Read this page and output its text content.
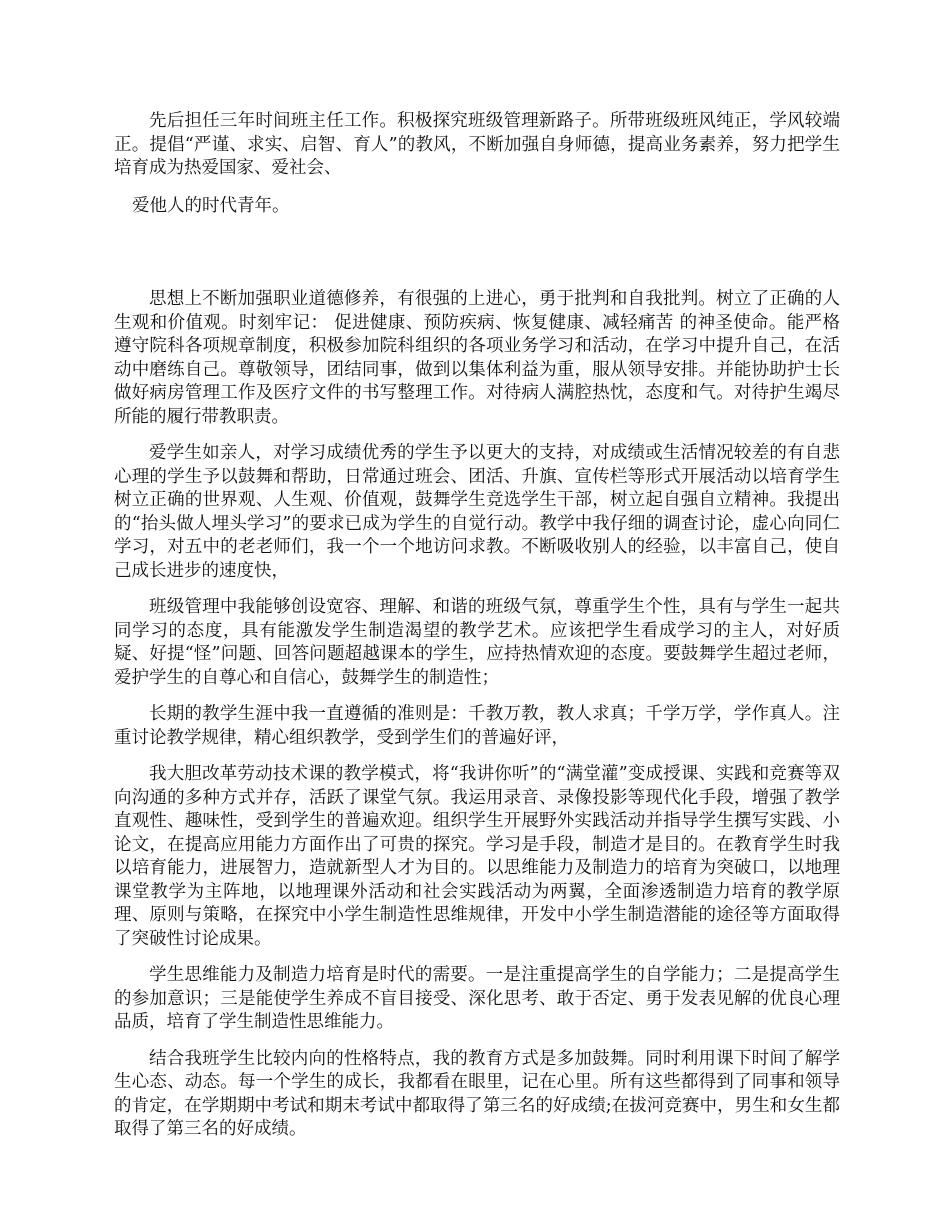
先后担任三年时间班主任工作。积极探究班级管理新路子。所带班级班风纯正，学风较端正。提倡“严谨、求实、启智、育人”的教风，不断加强自身师德，提高业务素养，努力把学生培育成为热爱国家、爱社会、

爱他人的时代青年。

思想上不断加强职业道德修养，有很强的上进心，勇于批判和自我批判。树立了正确的人生观和价值观。时刻牢记： 促进健康、预防疾病、恢复健康、减轻痛苦 的神圣使命。能严格遵守院科各项规章制度，积极参加院科组织的各项业务学习和活动，在学习中提升自己，在活动中磨练自己。尊敬领导，团结同事，做到以集体利益为重，服从领导安排。并能协助护士长做好病房管理工作及医疗文件的书写整理工作。对待病人满腔热忱，态度和气。对待护生竭尽所能的履行带教职责。

爱学生如亲人，对学习成绩优秀的学生予以更大的支持，对成绩或生活情况较差的有自悲心理的学生予以鼓舞和帮助，日常通过班会、团活、升旗、宣传栏等形式开展活动以培育学生树立正确的世界观、人生观、价值观，鼓舞学生竞选学生干部，树立起自强自立精神。我提出的“抬头做人埋头学习”的要求已成为学生的自觉行动。教学中我仔细的调查讨论，虚心向同仁学习，对五中的老老师们，我一个一个地访问求教。不断吸收别人的经验，以丰富自己，使自己成长进步的速度快，

班级管理中我能够创设宽容、理解、和谐的班级气氛，尊重学生个性，具有与学生一起共同学习的态度，具有能激发学生制造渴望的教学艺术。应该把学生看成学习的主人，对好质疑、好提“怪”问题、回答问题超越课本的学生，应持热情欢迎的态度。要鼓舞学生超过老师，爱护学生的自尊心和自信心，鼓舞学生的制造性；

长期的教学生涯中我一直遵循的准则是：千教万教，教人求真；千学万学，学作真人。注重讨论教学规律，精心组织教学，受到学生们的普遍好评，

我大胆改革劳动技术课的教学模式，将“我讲你听”的“满堂灌”变成授课、实践和竞赛等双向沟通的多种方式并存，活跃了课堂气氛。我运用录音、录像投影等现代化手段，增强了教学直观性、趣味性，受到学生的普遍欢迎。组织学生开展野外实践活动并指导学生撰写实践、小论文，在提高应用能力方面作出了可贵的探究。学习是手段，制造才是目的。在教育学生时我以培育能力，进展智力，造就新型人才为目的。以思维能力及制造力的培育为突破口，以地理课堂教学为主阵地，以地理课外活动和社会实践活动为两翼，全面渗透制造力培育的教学原理、原则与策略，在探究中小学生制造性思维规律，开发中小学生制造潜能的途径等方面取得了突破性讨论成果。

学生思维能力及制造力培育是时代的需要。一是注重提高学生的自学能力；二是提高学生的参加意识；三是能使学生养成不盲目接受、深化思考、敢于否定、勇于发表见解的优良心理品质，培育了学生制造性思维能力。

结合我班学生比较内向的性格特点，我的教育方式是多加鼓舞。同时利用课下时间了解学生心态、动态。每一个学生的成长，我都看在眼里，记在心里。所有这些都得到了同事和领导的肯定，在学期期中考试和期末考试中都取得了第三名的好成绩;在拔河竞赛中，男生和女生都取得了第三名的好成绩。
